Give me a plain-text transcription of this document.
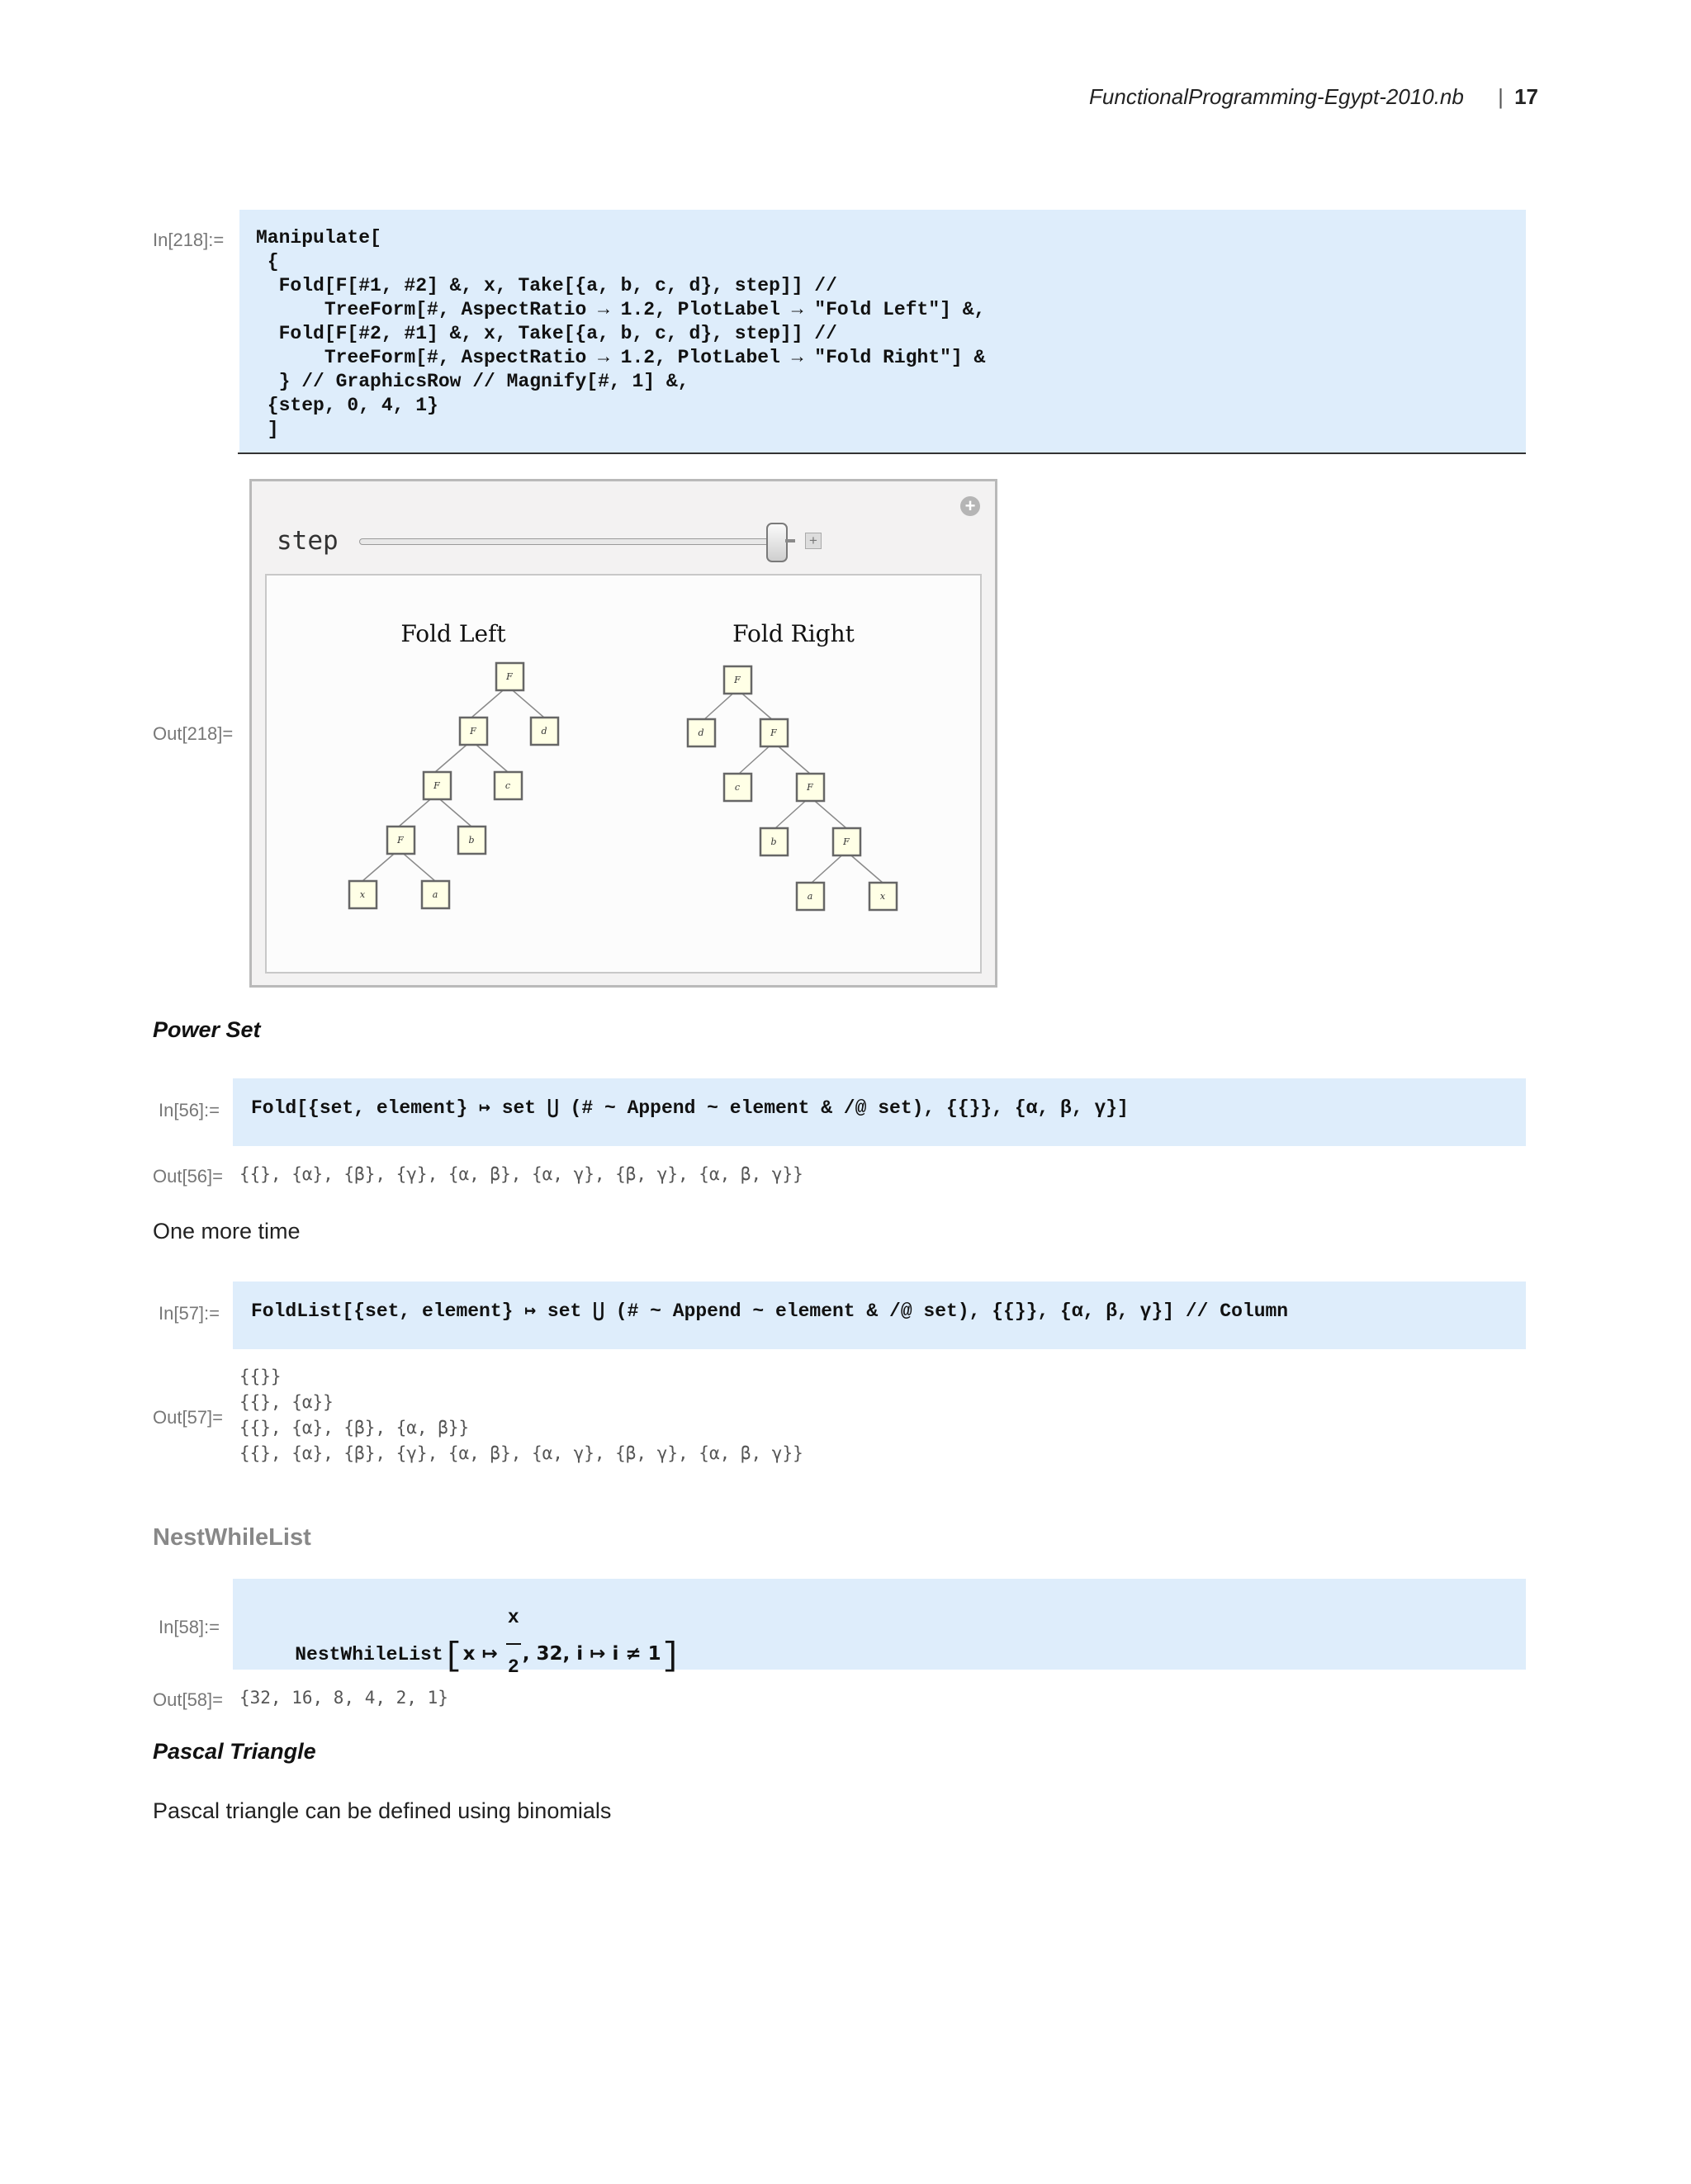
FunctionalProgramming-Egypt-2010.nb | 17
In[218]:= Manipulate[
{
Fold[F[#1, #2] &, x, Take[{a, b, c, d}, step]] //
TreeForm[#, AspectRatio → 1.2, PlotLabel → "Fold Left"] &,
Fold[F[#2, #1] &, x, Take[{a, b, c, d}, step]] //
TreeForm[#, AspectRatio → 1.2, PlotLabel → "Fold Right"] &
} // GraphicsRow // Magnify[#, 1] &,
{step, 0, 4, 1}
]
Out[218]=
+
step	+
Fold Left
F
F	d
F	c
F	b
x	a
Fold Right
F
d	F
c	F
b	F
a	x
Power Set
In[56]:= Fold[{set, element} ↦ set ⋃ (# ~ Append ~ element & /@ set), {{}}, {α, β, γ}]
Out[56]= {{}, {α}, {β}, {γ}, {α, β}, {α, γ}, {β, γ}, {α, β, γ}}
One more time
In[57]:= FoldList[{set, element} ↦ set ⋃ (# ~ Append ~ element & /@ set), {{}}, {α, β, γ}] // Column
Out[57]=
{{}}
{{}, {α}}
{{}, {α}, {β}, {α, β}}
{{}, {α}, {β}, {γ}, {α, β}, {α, γ}, {β, γ}, {α, β, γ}}
NestWhileList
In[58]:=

NestWhileList[x ↦ $\frac{x}{2}$ , 32, i ↦ i ≠ 1]

Out[58]= {32, 16, 8, 4, 2, 1}
Pascal Triangle
Pascal triangle can be defined using binomials
